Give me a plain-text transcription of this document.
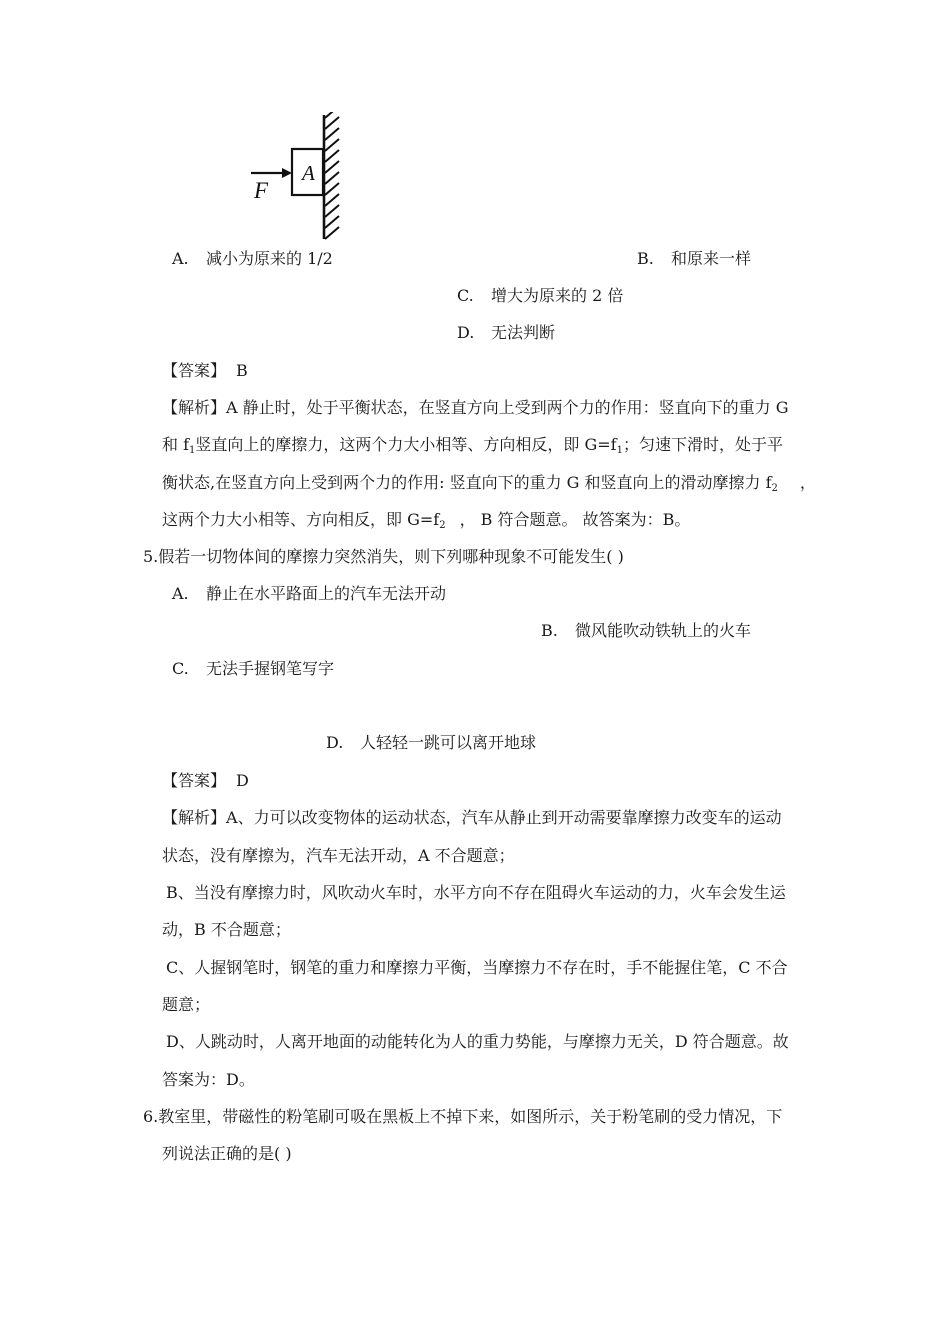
A
F
A. 减小为原来的 1/2	B. 和原来一样
C. 增大为原来的 2 倍
D. 无法判断
【答案】 B
【解析】A 静止时，处于平衡状态，在竖直方向上受到两个力的作用：竖直向下的重力 G
和 $f_1$竖直向上的摩擦力，这两个力大小相等、方向相反，即 $G=f_1$；匀速下滑时，处于平
衡状态,在竖直方向上受到两个力的作用: 竖直向下的重力 G 和竖直向上的滑动摩擦力 $f_2$ ，
这两个力大小相等、方向相反，即 $G=f_2$ ， B 符合题意。 故答案为：B。
5.假若一切物体间的摩擦力突然消失，则下列哪种现象不可能发生( )
A. 静止在水平路面上的汽车无法开动
B. 微风能吹动铁轨上的火车
C. 无法手握钢笔写字
D. 人轻轻一跳可以离开地球
【答案】 D
【解析】A、力可以改变物体的运动状态，汽车从静止到开动需要靠摩擦力改变车的运动
状态，没有摩擦为，汽车无法开动，A 不合题意；
B、当没有摩擦力时，风吹动火车时，水平方向不存在阻碍火车运动的力，火车会发生运
动，B 不合题意；
C、人握钢笔时，钢笔的重力和摩擦力平衡，当摩擦力不存在时，手不能握住笔，C 不合
题意；
D、人跳动时，人离开地面的动能转化为人的重力势能，与摩擦力无关，D 符合题意。故
答案为：D。
6.教室里，带磁性的粉笔刷可吸在黑板上不掉下来，如图所示，关于粉笔刷的受力情况，下
列说法正确的是( )
